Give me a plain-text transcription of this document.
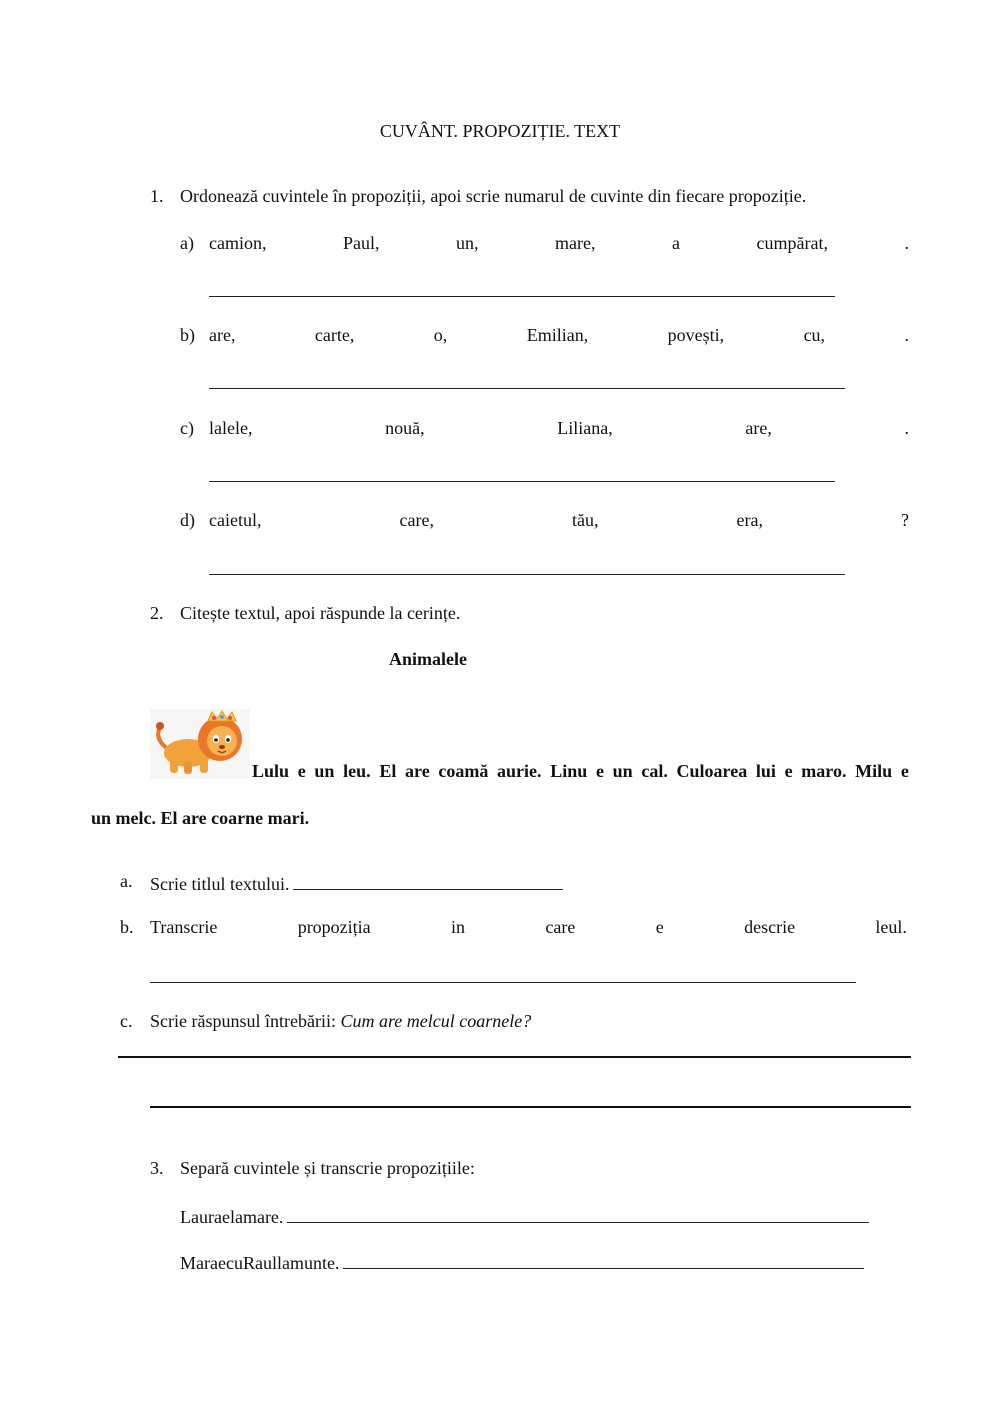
CUVÂNT. PROPOZIȚIE. TEXT
1. Ordonează cuvintele în propoziții, apoi scrie numarul de cuvinte din fiecare propoziție.
a) camion,	Paul,	un,	mare,	a	cumpărat,	.
b) are,	carte,	o,	Emilian,	povești,	cu,	.
c) lalele,	nouă,	Liliana,	are,	.
d) caietul,	care,	tău,	era,	?
2. Citește textul, apoi răspunde la cerințe.
Animalele
Lulu e un leu. El are coamă aurie. Linu e un cal. Culoarea lui e maro. Milu e
un melc. El are coarne mari.
a. Scrie titlul textului.
b. Transcrie	propoziția	in	care	e	descrie	leul.
c. Scrie răspunsul întrebării: Cum are melcul coarnele?
3. Separă cuvintele și transcrie propozițiile:
Lauraelamare.
MaraecuRaullamunte.
